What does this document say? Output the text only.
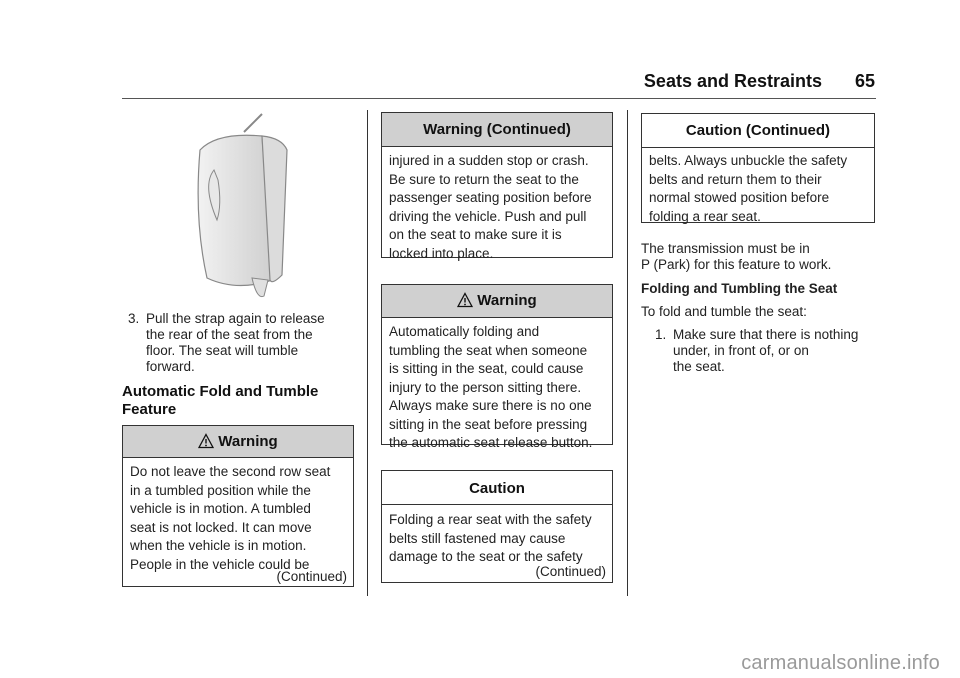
Seats and Restraints 65
3. Pull the strap again to release
the rear of the seat from the
floor. The seat will tumble
forward.
Automatic Fold and Tumble
Feature
Warning
Do not leave the second row seat
in a tumbled position while the
vehicle is in motion. A tumbled
seat is not locked. It can move
when the vehicle is in motion.
People in the vehicle could be
(Continued)
Warning (Continued)
injured in a sudden stop or crash.
Be sure to return the seat to the
passenger seating position before
driving the vehicle. Push and pull
on the seat to make sure it is
locked into place.
Warning
Automatically folding and
tumbling the seat when someone
is sitting in the seat, could cause
injury to the person sitting there.
Always make sure there is no one
sitting in the seat before pressing
the automatic seat release button.
Caution
Folding a rear seat with the safety
belts still fastened may cause
damage to the seat or the safety
(Continued)
Caution (Continued)
belts. Always unbuckle the safety
belts and return them to their
normal stowed position before
folding a rear seat.
The transmission must be in
P (Park) for this feature to work.
Folding and Tumbling the Seat
To fold and tumble the seat:
1. Make sure that there is nothing
under, in front of, or on
the seat.
carmanualsonline.info
